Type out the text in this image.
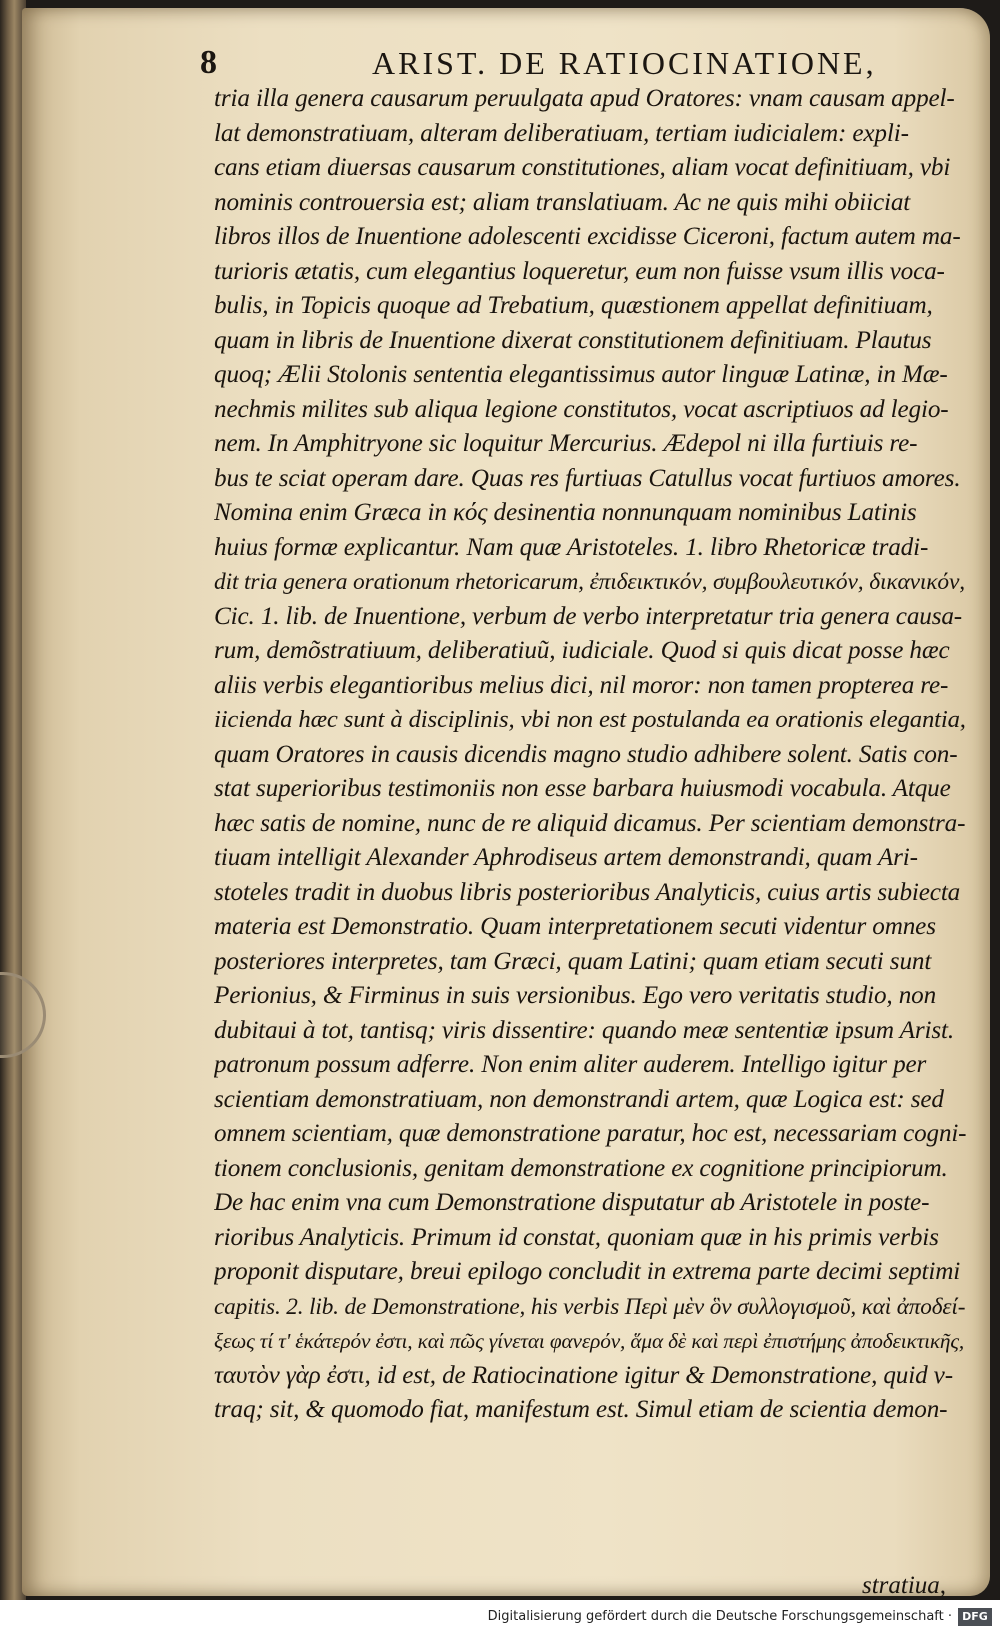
8	ARIST. DE RATIOCINATIONE,
tria illa genera causarum peruulgata apud Oratores: vnam causam appel-
lat demonstratiuam, alteram deliberatiuam, tertiam iudicialem: expli-
cans etiam diuersas causarum constitutiones, aliam vocat definitiuam, vbi
nominis controuersia est; aliam translatiuam. Ac ne quis mihi obiiciat
libros illos de Inuentione adolescenti excidisse Ciceroni, factum autem ma-
turioris ætatis, cum elegantius loqueretur, eum non fuisse vsum illis voca-
bulis, in Topicis quoque ad Trebatium, quæstionem appellat definitiuam,
quam in libris de Inuentione dixerat constitutionem definitiuam. Plautus
quoq; Ælii Stolonis sententia elegantissimus autor linguæ Latinæ, in Mæ-
nechmis milites sub aliqua legione constitutos, vocat ascriptiuos ad legio-
nem. In Amphitryone sic loquitur Mercurius. Ædepol ni illa furtiuis re-
bus te sciat operam dare. Quas res furtiuas Catullus vocat furtiuos amores.
Nomina enim Græca in κός desinentia nonnunquam nominibus Latinis
huius formæ explicantur. Nam quæ Aristoteles. 1. libro Rhetoricæ tradi-
dit tria genera orationum rhetoricarum, ἐπιδεικτικόν, συμβουλευτικόν, δικανικόν,
Cic. 1. lib. de Inuentione, verbum de verbo interpretatur tria genera causa-
rum, demõstratiuum, deliberatiuũ, iudiciale. Quod si quis dicat posse hæc
aliis verbis elegantioribus melius dici, nil moror: non tamen propterea re-
iicienda hæc sunt à disciplinis, vbi non est postulanda ea orationis elegantia,
quam Oratores in causis dicendis magno studio adhibere solent. Satis con-
stat superioribus testimoniis non esse barbara huiusmodi vocabula. Atque
hæc satis de nomine, nunc de re aliquid dicamus. Per scientiam demonstra-
tiuam intelligit Alexander Aphrodiseus artem demonstrandi, quam Ari-
stoteles tradit in duobus libris posterioribus Analyticis, cuius artis subiecta
materia est Demonstratio. Quam interpretationem secuti videntur omnes
posteriores interpretes, tam Græci, quam Latini; quam etiam secuti sunt
Perionius, & Firminus in suis versionibus. Ego vero veritatis studio, non
dubitaui à tot, tantisq; viris dissentire: quando meæ sententiæ ipsum Arist.
patronum possum adferre. Non enim aliter auderem. Intelligo igitur per
scientiam demonstratiuam, non demonstrandi artem, quæ Logica est: sed
omnem scientiam, quæ demonstratione paratur, hoc est, necessariam cogni-
tionem conclusionis, genitam demonstratione ex cognitione principiorum.
De hac enim vna cum Demonstratione disputatur ab Aristotele in poste-
rioribus Analyticis. Primum id constat, quoniam quæ in his primis verbis
proponit disputare, breui epilogo concludit in extrema parte decimi septimi
capitis. 2. lib. de Demonstratione, his verbis Περὶ μὲν ὃν συλλογισμοῦ, καὶ ἀποδεί-
ξεως τί τ' ἑκάτερόν ἐστι, καὶ πῶς γίνεται φανερόν, ἅμα δὲ καὶ περὶ ἐπιστήμης ἀποδεικτικῆς,
ταυτὸν γὰρ ἐστι, id est, de Ratiocinatione igitur & Demonstratione, quid v-
traq; sit, & quomodo fiat, manifestum est. Simul etiam de scientia demon-
stratiua,
Digitalisierung gefördert durch die Deutsche Forschungsgemeinschaft · DFG
